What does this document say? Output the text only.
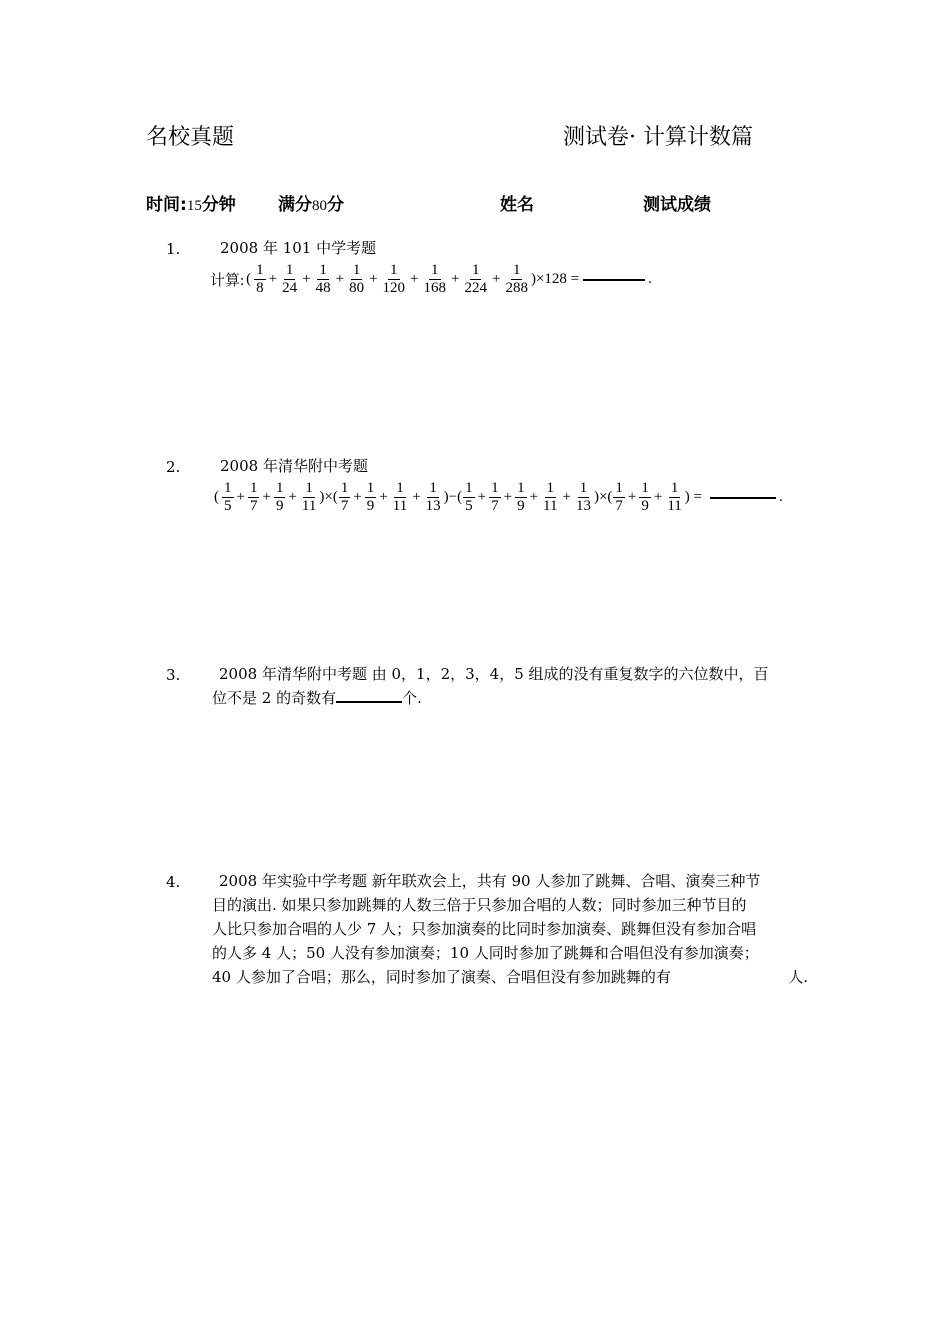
名校真题	测试卷· 计算计数篇
时间:15分钟 满分80分	姓名	测试成绩
1.	2008 年 101 中学考题
计算: ( $\frac{1}{8} + \frac{1}{24} + \frac{1}{48} + \frac{1}{80} + \frac{1}{120} + \frac{1}{168} + \frac{1}{224} + \frac{1}{288} )\times 128$ =	.
2.	2008 年清华附中考题
( $\frac{1}{5} + \frac{1}{7} + \frac{1}{9} + \frac{1}{11}$ )×( $\frac{1}{7} + \frac{1}{9} + \frac{1}{11} + \frac{1}{13}$ )−( $\frac{1}{5} + \frac{1}{7} + \frac{1}{9} + \frac{1}{11} + \frac{1}{13}$ )×( $\frac{1}{7} + \frac{1}{9} + \frac{1}{11}$ ) =	.
3.	2008 年清华附中考题 由 0，1，2，3，4，5 组成的没有重复数字的六位数中，百
位不是 2 的奇数有	个.
4.	2008 年实验中学考题 新年联欢会上，共有 90 人参加了跳舞、合唱、演奏三种节
目的演出. 如果只参加跳舞的人数三倍于只参加合唱的人数；同时参加三种节目的
人比只参加合唱的人少 7 人；只参加演奏的比同时参加演奏、跳舞但没有参加合唱
的人多 4 人；50 人没有参加演奏；10 人同时参加了跳舞和合唱但没有参加演奏；
40 人参加了合唱；那么，同时参加了演奏、合唱但没有参加跳舞的有	人.
